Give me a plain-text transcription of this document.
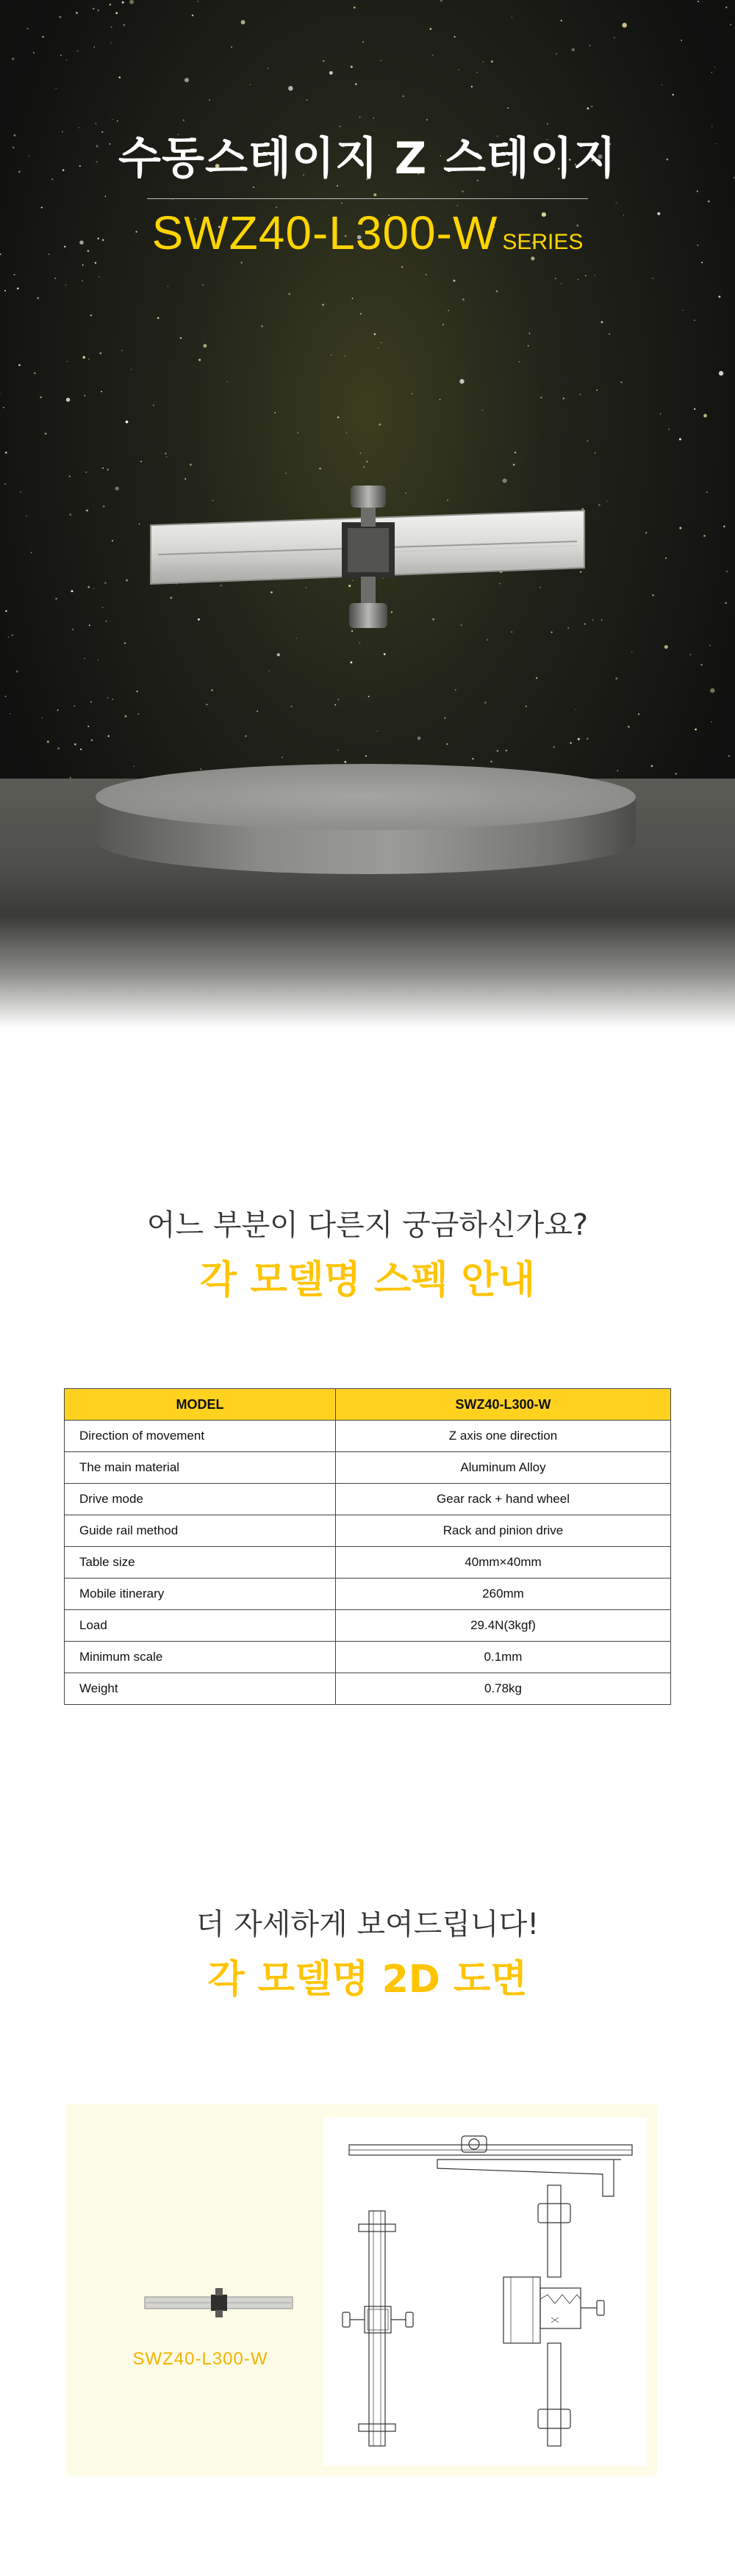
수동스테이지 Z 스테이지
SWZ40-L300-W SERIES
어느 부분이 다른지 궁금하신가요?
각 모델명 스펙 안내
MODEL	SWZ40-L300-W
Direction of movement	Z axis one direction
The main material	Aluminum Alloy
Drive mode	Gear rack + hand wheel
Guide rail method	Rack and pinion drive
Table size	40mm×40mm
Mobile itinerary	260mm
Load	29.4N(3kgf)
Minimum scale	0.1mm
Weight	0.78kg
더 자세하게 보여드립니다!
각 모델명 2D 도면
SWZ40-L300-W
